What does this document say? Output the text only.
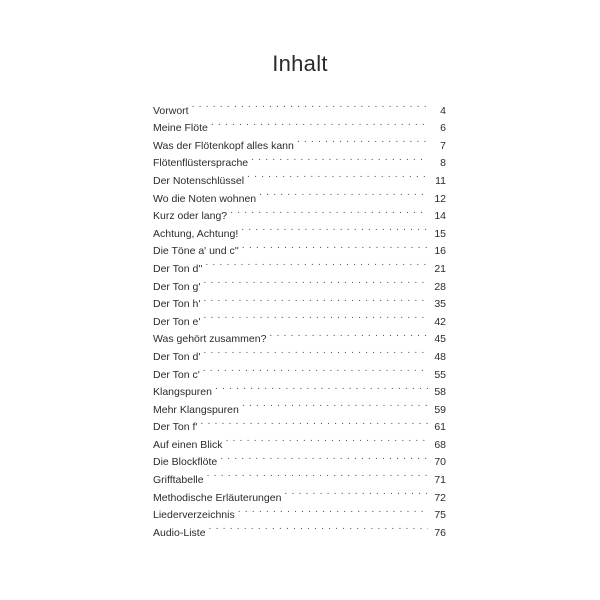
Inhalt
Vorwort . . .	4
Meine Flöte . . .	6
Was der Flötenkopf alles kann . . .	7
Flötenflüstersprache . . .	8
Der Notenschlüssel . . .	11
Wo die Noten wohnen . . .	12
Kurz oder lang? . . .	14
Achtung, Achtung! . . .	15
Die Töne a' und c'' . . .	16
Der Ton d'' . . .	21
Der Ton g' . . .	28
Der Ton h' . . .	35
Der Ton e' . . .	42
Was gehört zusammen? . . .	45
Der Ton d' . . .	48
Der Ton c' . . .	55
Klangspuren . . .	58
Mehr Klangspuren . . .	59
Der Ton f' . . .	61
Auf einen Blick . . .	68
Die Blockflöte . . .	70
Grifftabelle . . .	71
Methodische Erläuterungen . . .	72
Liederverzeichnis . . .	75
Audio-Liste . . .	76
